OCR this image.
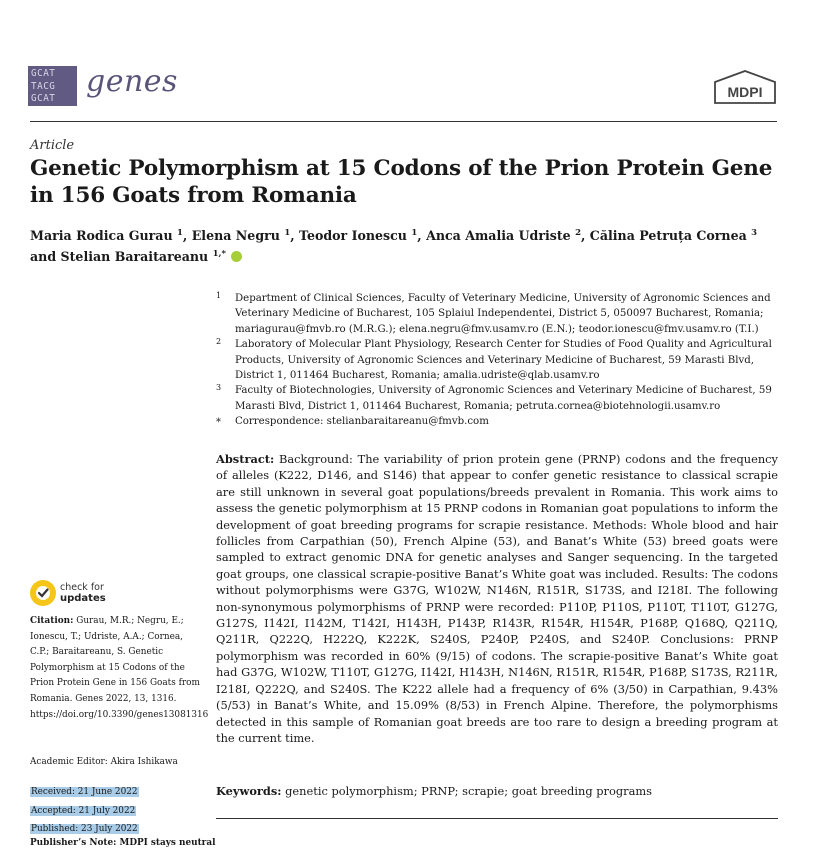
GCAT
TACG
GCAT	genes	MDPI
Article
Genetic Polymorphism at 15 Codons of the Prion Protein Gene in 156 Goats from Romania
Maria Rodica Gurau $^1$, Elena Negru $^1$, Teodor Ionescu $^1$, Anca Amalia Udriste $^2$, Călina Petruța Cornea $^3$
and Stelian Baraitareanu $^{1,*}$
1 Department of Clinical Sciences, Faculty of Veterinary Medicine, University of Agronomic Sciences and Veterinary Medicine of Bucharest, 105 Splaiul Independentei, District 5, 050097 Bucharest, Romania; mariagurau@fmvb.ro (M.R.G.); elena.negru@fmv.usamv.ro (E.N.); teodor.ionescu@fmv.usamv.ro (T.I.)
2 Laboratory of Molecular Plant Physiology, Research Center for Studies of Food Quality and Agricultural Products, University of Agronomic Sciences and Veterinary Medicine of Bucharest, 59 Marasti Blvd, District 1, 011464 Bucharest, Romania; amalia.udriste@qlab.usamv.ro
3 Faculty of Biotechnologies, University of Agronomic Sciences and Veterinary Medicine of Bucharest, 59 Marasti Blvd, District 1, 011464 Bucharest, Romania; petruta.cornea@biotehnologii.usamv.ro
* Correspondence: stelianbaraitareanu@fmvb.com

Abstract: Background: The variability of prion protein gene (PRNP) codons and the frequency of alleles (K222, D146, and S146) that appear to confer genetic resistance to classical scrapie are still unknown in several goat populations/breeds prevalent in Romania. This work aims to assess the genetic polymorphism at 15 PRNP codons in Romanian goat populations to inform the development of goat breeding programs for scrapie resistance. Methods: Whole blood and hair follicles from Carpathian (50), French Alpine (53), and Banat’s White (53) breed goats were sampled to extract genomic DNA for genetic analyses and Sanger sequencing. In the targeted goat groups, one classical scrapie-positive Banat’s White goat was included. Results: The codons without polymorphisms were G37G, W102W, N146N, R151R, S173S, and I218I. The following non-synonymous polymorphisms of PRNP were recorded: P110P, P110S, P110T, T110T, G127G, G127S, I142I, I142M, T142I, H143H, P143P, R143R, R154R, H154R, P168P, Q168Q, Q211Q, Q211R, Q222Q, H222Q, K222K, S240S, P240P, P240S, and S240P. Conclusions: PRNP polymorphism was recorded in 60% (9/15) of codons. The scrapie-positive Banat’s White goat had G37G, W102W, T110T, G127G, I142I, H143H, N146N, R151R, R154R, P168P, S173S, R211R, I218I, Q222Q, and S240S. The K222 allele had a frequency of 6% (3/50) in Carpathian, 9.43% (5/53) in Banat’s White, and 15.09% (8/53) in French Alpine. Therefore, the polymorphisms detected in this sample of Romanian goat breeds are too rare to design a breeding program at the current time.

Keywords: genetic polymorphism; PRNP; scrapie; goat breeding programs
check for
updates
Citation: Gurau, M.R.; Negru, E.; Ionescu, T.; Udriste, A.A.; Cornea, C.P.; Baraitareanu, S. Genetic Polymorphism at 15 Codons of the Prion Protein Gene in 156 Goats from Romania. Genes 2022, 13, 1316. https://doi.org/10.3390/genes13081316
Academic Editor: Akira Ishikawa
Received: 21 June 2022
Accepted: 21 July 2022
Published: 23 July 2022
Publisher’s Note: MDPI stays neutral
